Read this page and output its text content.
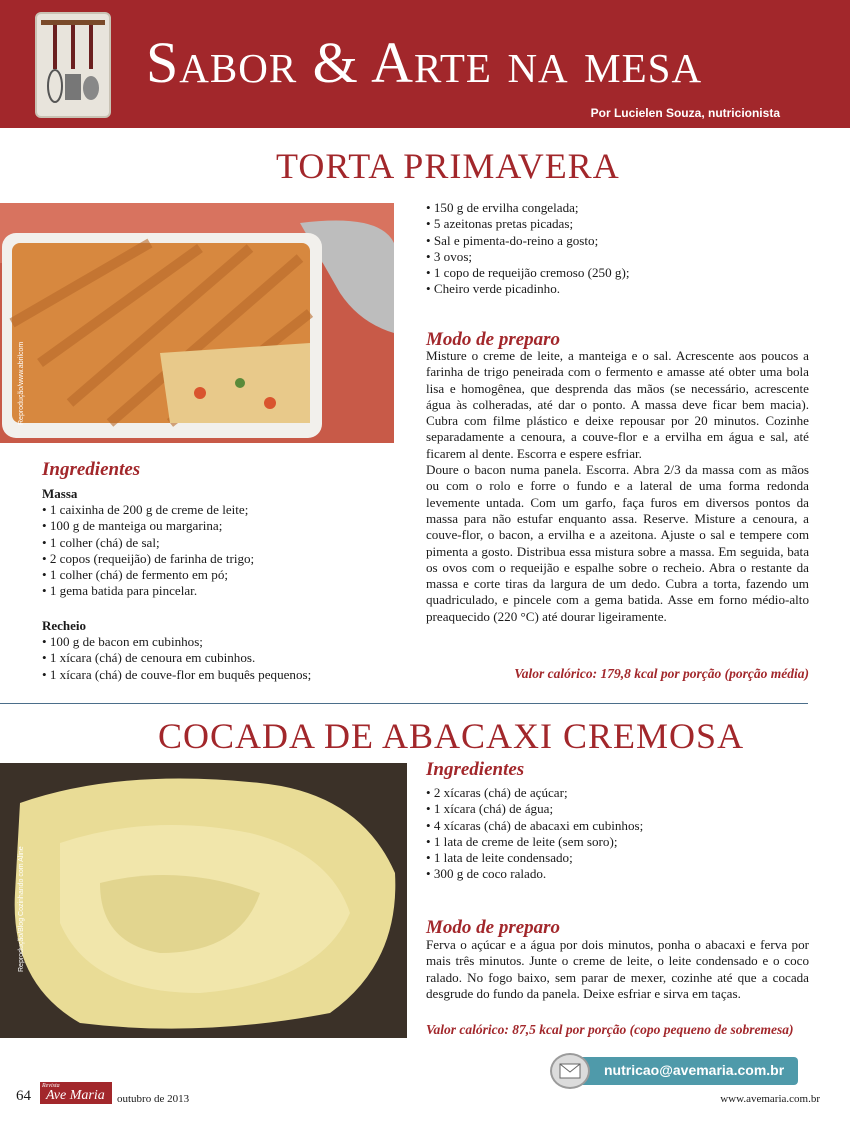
Sabor & Arte na mesa
Por Lucielen Souza, nutricionista
TORTA PRIMAVERA
Reprodução/www.abrilcom
Ingredientes
Massa
• 1 caixinha de 200 g de creme de leite;
• 100 g de manteiga ou margarina;
• 1 colher (chá) de sal;
• 2 copos (requeijão) de farinha de trigo;
• 1 colher (chá) de fermento em pó;
• 1 gema batida para pincelar.
Recheio
• 100 g de bacon em cubinhos;
• 1 xícara (chá) de cenoura em cubinhos.
• 1 xícara (chá) de couve-flor em buquês pequenos;
• 150 g de ervilha congelada;
• 5 azeitonas pretas picadas;
• Sal e pimenta-do-reino a gosto;
• 3 ovos;
• 1 copo de requeijão cremoso (250 g);
• Cheiro verde picadinho.
Modo de preparo

Misture o creme de leite, a manteiga e o sal. Acrescente aos poucos a farinha de trigo peneirada com o fermento e amasse até obter uma bola lisa e homogênea, que desprenda das mãos (se necessário, acrescente água às colheradas, até dar o ponto. A massa deve ficar bem macia). Cubra com filme plástico e deixe repousar por 20 minutos. Cozinhe separadamente a cenoura, a couve-flor e a ervilha em água e sal, até ficarem al dente. Escorra e espere esfriar.

Doure o bacon numa panela. Escorra. Abra 2/3 da massa com as mãos ou com o rolo e forre o fundo e a lateral de uma forma redonda levemente untada. Com um garfo, faça furos em diversos pontos da massa para não estufar enquanto assa. Reserve. Misture a cenoura, a couve-flor, o bacon, a ervilha e a azeitona. Ajuste o sal e tempere com pimenta a gosto. Distribua essa mistura sobre a massa. Em seguida, bata os ovos com o requeijão e espalhe sobre o recheio. Abra o restante da massa e corte tiras da largura de um dedo. Cubra a torta, fazendo um quadriculado, e pincele com a gema batida. Asse em forno médio-alto preaquecido (220 °C) até dourar ligeiramente.

Valor calórico: 179,8 kcal por porção (porção média)
COCADA DE ABACAXI CREMOSA
Reprodução/Blog Cozinhando com Aline
Ingredientes
• 2 xícaras (chá) de açúcar;
• 1 xícara (chá) de água;
• 4 xícaras (chá) de abacaxi em cubinhos;
• 1 lata de creme de leite (sem soro);
• 1 lata de leite condensado;
• 300 g de coco ralado.
Modo de preparo

Ferva o açúcar e a água por dois minutos, ponha o abacaxi e ferva por mais três minutos. Junte o creme de leite, o leite condensado e o coco ralado. No fogo baixo, sem parar de mexer, cozinhe até que a cocada desgrude do fundo da panela. Deixe esfriar e sirva em taças.

Valor calórico: 87,5 kcal por porção (copo pequeno de sobremesa)
nutricao@avemaria.com.br
64
Revista
Ave Maria outubro de 2013	www.avemaria.com.br
